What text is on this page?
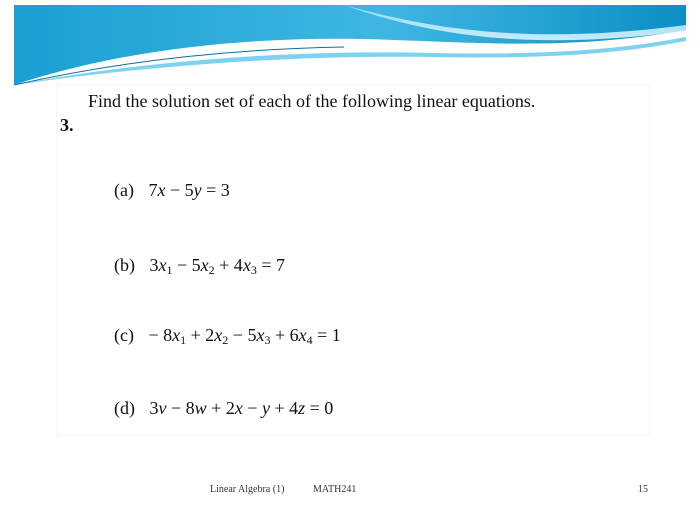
Find the solution set of each of the following linear equations.
3.
(a) 7x − 5y = 3
(b) $3x_1 - 5x_2 + 4x_3 = 7$
$(c) - 8x_1 + 2x_2 - 5x_3 + 6x_4 = 1$
(d) 3v − 8w + 2x − y + 4z = 0
Linear Algebra (1)	MATH241	15
